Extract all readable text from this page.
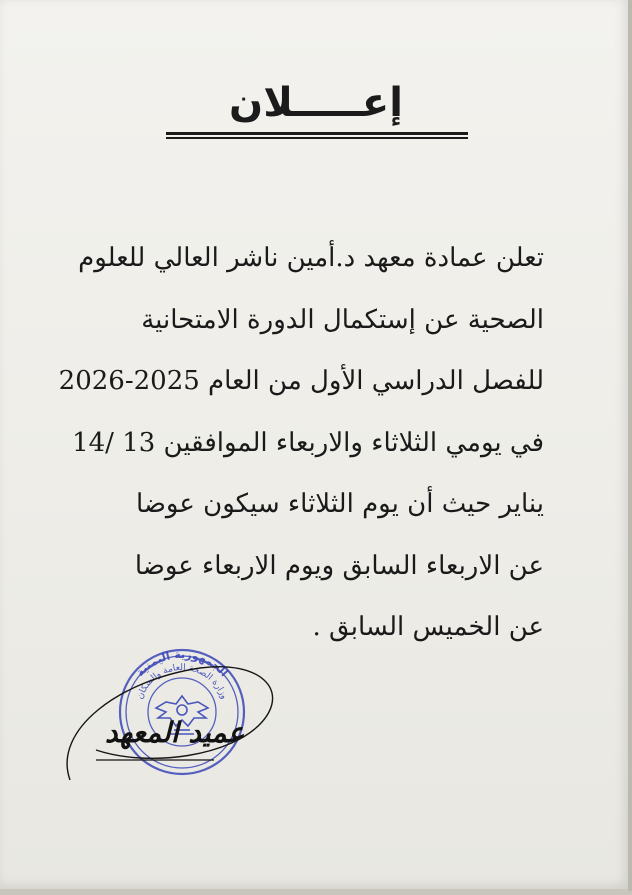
إعـــــلان
تعلن عمادة معهد د.أمين ناشر العالي للعلوم
الصحية عن إستكمال الدورة الامتحانية
للفصل الدراسي الأول من العام 2025-2026
في يومي الثلاثاء والاربعاء الموافقين 13 /14
يناير حيث أن يوم الثلاثاء سيكون عوضا
عن الاربعاء السابق ويوم الاربعاء عوضا
عن الخميس السابق .
الجمهورية اليمنية
وزارة الصحة العامة والسكان
عميد المعهد
